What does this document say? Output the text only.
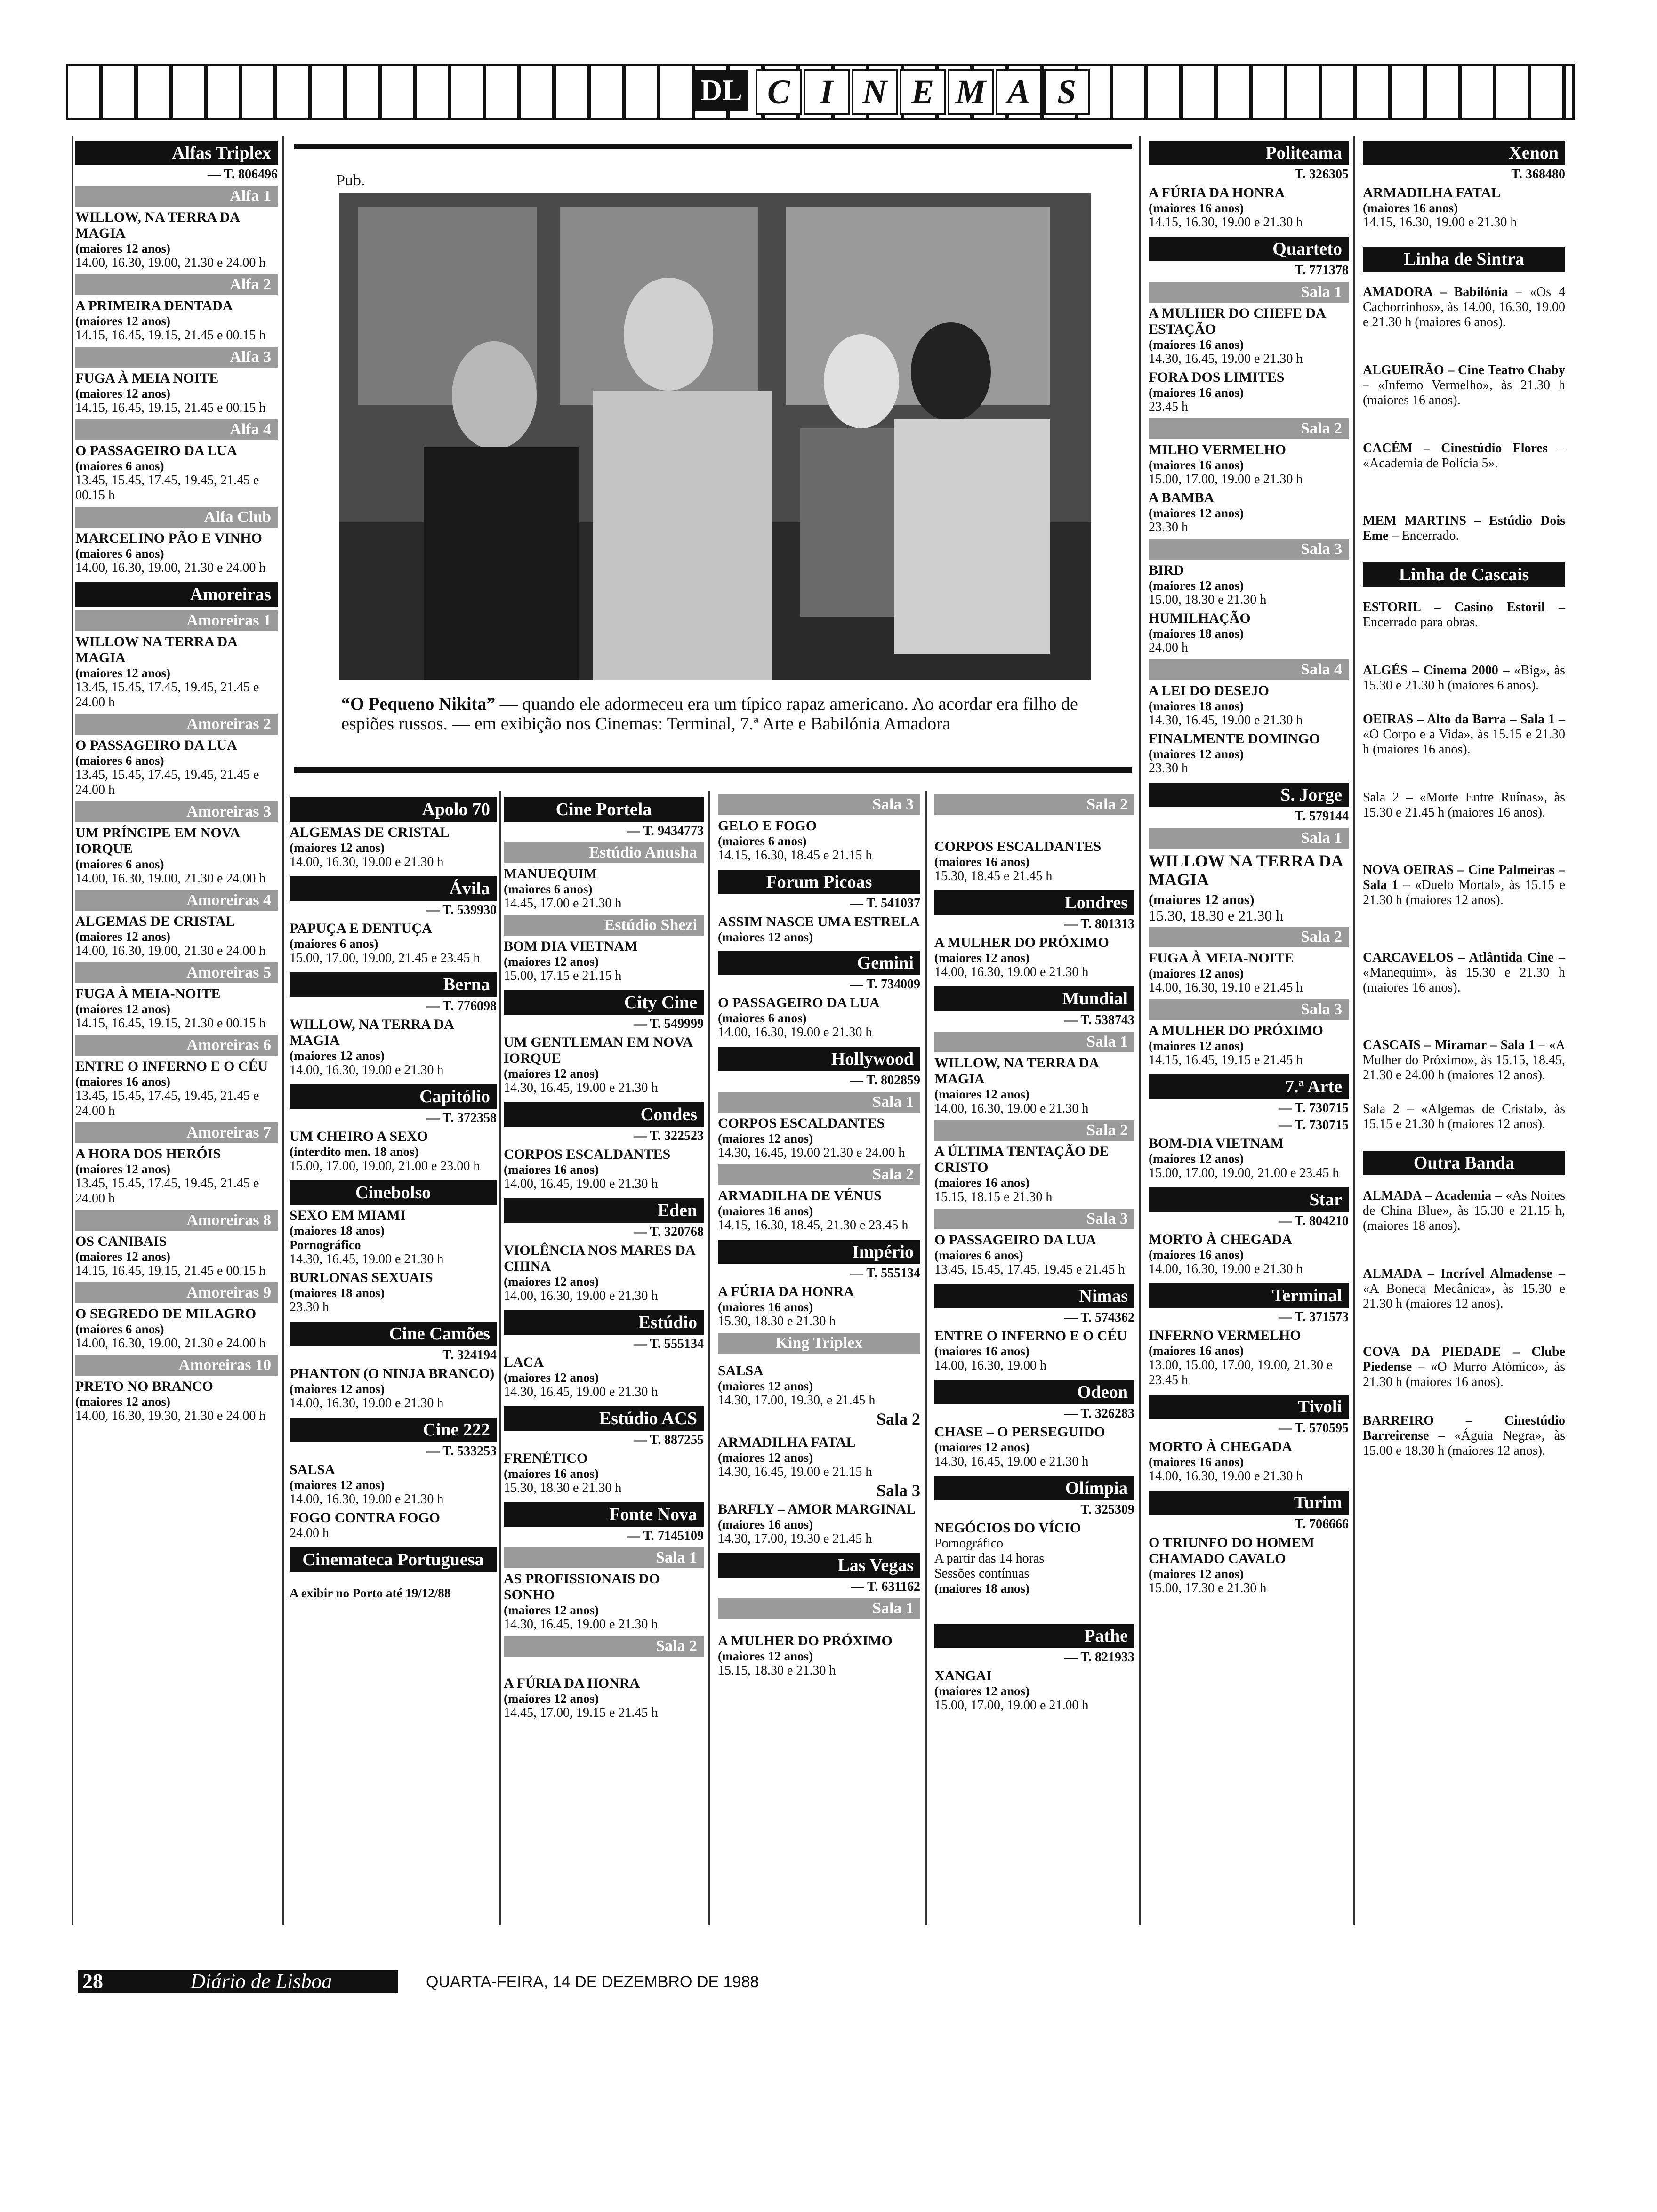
DL C I N E M A S
Pub.
“O Pequeno Nikita” — quando ele adormeceu era um típico rapaz americano. Ao acordar era filho de espiões russos. — em exibição nos Cinemas: Terminal, 7.ª Arte e Babilónia Amadora
Alfas Triplex
— T. 806496
Alfa 1
WILLOW, NA TERRA DA MAGIA
(maiores 12 anos)
14.00, 16.30, 19.00, 21.30 e 24.00 h
Alfa 2
A PRIMEIRA DENTADA
(maiores 12 anos)
14.15, 16.45, 19.15, 21.45 e 00.15 h
Alfa 3
FUGA À MEIA NOITE
(maiores 12 anos)
14.15, 16.45, 19.15, 21.45 e 00.15 h
Alfa 4
O PASSAGEIRO DA LUA
(maiores 6 anos)
13.45, 15.45, 17.45, 19.45, 21.45 e 00.15 h
Alfa Club
MARCELINO PÃO E VINHO
(maiores 6 anos)
14.00, 16.30, 19.00, 21.30 e 24.00 h
Amoreiras
Amoreiras 1
WILLOW NA TERRA DA MAGIA
(maiores 12 anos)
13.45, 15.45, 17.45, 19.45, 21.45 e 24.00 h
Amoreiras 2
O PASSAGEIRO DA LUA
(maiores 6 anos)
13.45, 15.45, 17.45, 19.45, 21.45 e 24.00 h
Amoreiras 3
UM PRÍNCIPE EM NOVA IORQUE
(maiores 6 anos)
14.00, 16.30, 19.00, 21.30 e 24.00 h
Amoreiras 4
ALGEMAS DE CRISTAL
(maiores 12 anos)
14.00, 16.30, 19.00, 21.30 e 24.00 h
Amoreiras 5
FUGA À MEIA-NOITE
(maiores 12 anos)
14.15, 16.45, 19.15, 21.30 e 00.15 h
Amoreiras 6
ENTRE O INFERNO E O CÉU
(maiores 16 anos)
13.45, 15.45, 17.45, 19.45, 21.45 e 24.00 h
Amoreiras 7
A HORA DOS HERÓIS
(maiores 12 anos)
13.45, 15.45, 17.45, 19.45, 21.45 e 24.00 h
Amoreiras 8
OS CANIBAIS
(maiores 12 anos)
14.15, 16.45, 19.15, 21.45 e 00.15 h
Amoreiras 9
O SEGREDO DE MILAGRO
(maiores 6 anos)
14.00, 16.30, 19.00, 21.30 e 24.00 h
Amoreiras 10
PRETO NO BRANCO
(maiores 12 anos)
14.00, 16.30, 19.30, 21.30 e 24.00 h
Apolo 70
ALGEMAS DE CRISTAL
(maiores 12 anos)
14.00, 16.30, 19.00 e 21.30 h
Ávila
— T. 539930
PAPUÇA E DENTUÇA
(maiores 6 anos)
15.00, 17.00, 19.00, 21.45 e 23.45 h
Berna
— T. 776098
WILLOW, NA TERRA DA MAGIA
(maiores 12 anos)
14.00, 16.30, 19.00 e 21.30 h
Capitólio
— T. 372358
UM CHEIRO A SEXO
(interdito men. 18 anos)
15.00, 17.00, 19.00, 21.00 e 23.00 h
Cinebolso
SEXO EM MIAMI
(maiores 18 anos)
Pornográfico
14.30, 16.45, 19.00 e 21.30 h
BURLONAS SEXUAIS
(maiores 18 anos)
23.30 h
Cine Camões
T. 324194
PHANTON (O NINJA BRANCO)
(maiores 12 anos)
14.00, 16.30, 19.00 e 21.30 h
Cine 222
— T. 533253
SALSA
(maiores 12 anos)
14.00, 16.30, 19.00 e 21.30 h
FOGO CONTRA FOGO
24.00 h
Cinemateca Portuguesa
A exibir no Porto até 19/12/88
Cine Portela
— T. 9434773
Estúdio Anusha
MANUEQUIM
(maiores 6 anos)
14.45, 17.00 e 21.30 h
Estúdio Shezi
BOM DIA VIETNAM
(maiores 12 anos)
15.00, 17.15 e 21.15 h
City Cine
— T. 549999
UM GENTLEMAN EM NOVA IORQUE
(maiores 12 anos)
14.30, 16.45, 19.00 e 21.30 h
Condes
— T. 322523
CORPOS ESCALDANTES
(maiores 16 anos)
14.00, 16.45, 19.00 e 21.30 h
Eden
— T. 320768
VIOLÊNCIA NOS MARES DA CHINA
(maiores 12 anos)
14.00, 16.30, 19.00 e 21.30 h
Estúdio
— T. 555134
LACA
(maiores 12 anos)
14.30, 16.45, 19.00 e 21.30 h
Estúdio ACS
— T. 887255
FRENÉTICO
(maiores 16 anos)
15.30, 18.30 e 21.30 h
Fonte Nova
— T. 7145109
Sala 1
AS PROFISSIONAIS DO SONHO
(maiores 12 anos)
14.30, 16.45, 19.00 e 21.30 h
Sala 2
A FÚRIA DA HONRA
(maiores 12 anos)
14.45, 17.00, 19.15 e 21.45 h
Sala 3
GELO E FOGO
(maiores 6 anos)
14.15, 16.30, 18.45 e 21.15 h
Forum Picoas
— T. 541037
ASSIM NASCE UMA ESTRELA
(maiores 12 anos)
Gemini
— T. 734009
O PASSAGEIRO DA LUA
(maiores 6 anos)
14.00, 16.30, 19.00 e 21.30 h
Hollywood
— T. 802859
Sala 1
CORPOS ESCALDANTES
(maiores 12 anos)
14.30, 16.45, 19.00 21.30 e 24.00 h
Sala 2
ARMADILHA DE VÉNUS
(maiores 16 anos)
14.15, 16.30, 18.45, 21.30 e 23.45 h
Império
— T. 555134
A FÚRIA DA HONRA
(maiores 16 anos)
15.30, 18.30 e 21.30 h
King Triplex
SALSA
(maiores 12 anos)
14.30, 17.00, 19.30, e 21.45 h
Sala 2
ARMADILHA FATAL
(maiores 12 anos)
14.30, 16.45, 19.00 e 21.15 h
Sala 3
BARFLY – AMOR MARGINAL
(maiores 16 anos)
14.30, 17.00, 19.30 e 21.45 h
Las Vegas
— T. 631162
Sala 1
A MULHER DO PRÓXIMO
(maiores 12 anos)
15.15, 18.30 e 21.30 h
Sala 2
CORPOS ESCALDANTES
(maiores 16 anos)
15.30, 18.45 e 21.45 h
Londres
— T. 801313
A MULHER DO PRÓXIMO
(maiores 12 anos)
14.00, 16.30, 19.00 e 21.30 h
Mundial
— T. 538743
Sala 1
WILLOW, NA TERRA DA MAGIA
(maiores 12 anos)
14.00, 16.30, 19.00 e 21.30 h
Sala 2
A ÚLTIMA TENTAÇÃO DE CRISTO
(maiores 16 anos)
15.15, 18.15 e 21.30 h
Sala 3
O PASSAGEIRO DA LUA
(maiores 6 anos)
13.45, 15.45, 17.45, 19.45 e 21.45 h
Nimas
— T. 574362
ENTRE O INFERNO E O CÉU
(maiores 16 anos)
14.00, 16.30, 19.00 h
Odeon
— T. 326283
CHASE – O PERSEGUIDO
(maiores 12 anos)
14.30, 16.45, 19.00 e 21.30 h
Olímpia
T. 325309
NEGÓCIOS DO VÍCIO
Pornográfico
A partir das 14 horas
Sessões contínuas
(maiores 18 anos)
Pathe
— T. 821933
XANGAI
(maiores 12 anos)
15.00, 17.00, 19.00 e 21.00 h
Politeama
T. 326305
A FÚRIA DA HONRA
(maiores 16 anos)
14.15, 16.30, 19.00 e 21.30 h
Quarteto
T. 771378
Sala 1
A MULHER DO CHEFE DA ESTAÇÃO
(maiores 16 anos)
14.30, 16.45, 19.00 e 21.30 h
FORA DOS LIMITES
(maiores 16 anos)
23.45 h
Sala 2
MILHO VERMELHO
(maiores 16 anos)
15.00, 17.00, 19.00 e 21.30 h
A BAMBA
(maiores 12 anos)
23.30 h
Sala 3
BIRD
(maiores 12 anos)
15.00, 18.30 e 21.30 h
HUMILHAÇÃO
(maiores 18 anos)
24.00 h
Sala 4
A LEI DO DESEJO
(maiores 18 anos)
14.30, 16.45, 19.00 e 21.30 h
FINALMENTE DOMINGO
(maiores 12 anos)
23.30 h
S. Jorge
T. 579144
Sala 1
WILLOW NA TERRA DA MAGIA
(maiores 12 anos)
15.30, 18.30 e 21.30 h
Sala 2
FUGA À MEIA-NOITE
(maiores 12 anos)
14.00, 16.30, 19.10 e 21.45 h
Sala 3
A MULHER DO PRÓXIMO
(maiores 12 anos)
14.15, 16.45, 19.15 e 21.45 h
7.ª Arte
— T. 730715
— T. 730715
BOM-DIA VIETNAM
(maiores 12 anos)
15.00, 17.00, 19.00, 21.00 e 23.45 h
Star
— T. 804210
MORTO À CHEGADA
(maiores 16 anos)
14.00, 16.30, 19.00 e 21.30 h
Terminal
— T. 371573
INFERNO VERMELHO
(maiores 16 anos)
13.00, 15.00, 17.00, 19.00, 21.30 e 23.45 h
Tivoli
— T. 570595
MORTO À CHEGADA
(maiores 16 anos)
14.00, 16.30, 19.00 e 21.30 h
Turim
T. 706666
O TRIUNFO DO HOMEM CHAMADO CAVALO
(maiores 12 anos)
15.00, 17.30 e 21.30 h
Xenon
T. 368480
ARMADILHA FATAL
(maiores 16 anos)
14.15, 16.30, 19.00 e 21.30 h
Linha de Sintra
AMADORA – Babilónia – «Os 4 Cachorrinhos», às 14.00, 16.30, 19.00 e 21.30 h (maiores 6 anos).
ALGUEIRÃO – Cine Teatro Chaby – «Inferno Vermelho», às 21.30 h (maiores 16 anos).
CACÉM – Cinestúdio Flores – «Academia de Polícia 5».
MEM MARTINS – Estúdio Dois Eme – Encerrado.
Linha de Cascais
ESTORIL – Casino Estoril – Encerrado para obras.
ALGÉS – Cinema 2000 – «Big», às 15.30 e 21.30 h (maiores 6 anos).
OEIRAS – Alto da Barra – Sala 1 – «O Corpo e a Vida», às 15.15 e 21.30 h (maiores 16 anos).
Sala 2 – «Morte Entre Ruínas», às 15.30 e 21.45 h (maiores 16 anos).
NOVA OEIRAS – Cine Palmeiras – Sala 1 – «Duelo Mortal», às 15.15 e 21.30 h (maiores 12 anos).
CARCAVELOS – Atlântida Cine – «Manequim», às 15.30 e 21.30 h (maiores 16 anos).
CASCAIS – Miramar – Sala 1 – «A Mulher do Próximo», às 15.15, 18.45, 21.30 e 24.00 h (maiores 12 anos).
Sala 2 – «Algemas de Cristal», às 15.15 e 21.30 h (maiores 12 anos).
Outra Banda
ALMADA – Academia – «As Noites de China Blue», às 15.30 e 21.15 h, (maiores 18 anos).
ALMADA – Incrível Almadense – «A Boneca Mecânica», às 15.30 e 21.30 h (maiores 12 anos).
COVA DA PIEDADE – Clube Piedense – «O Murro Atómico», às 21.30 h (maiores 16 anos).
BARREIRO – Cinestúdio Barreirense – «Águia Negra», às 15.00 e 18.30 h (maiores 12 anos).
28	Diário de Lisboa	QUARTA-FEIRA, 14 DE DEZEMBRO DE 1988
